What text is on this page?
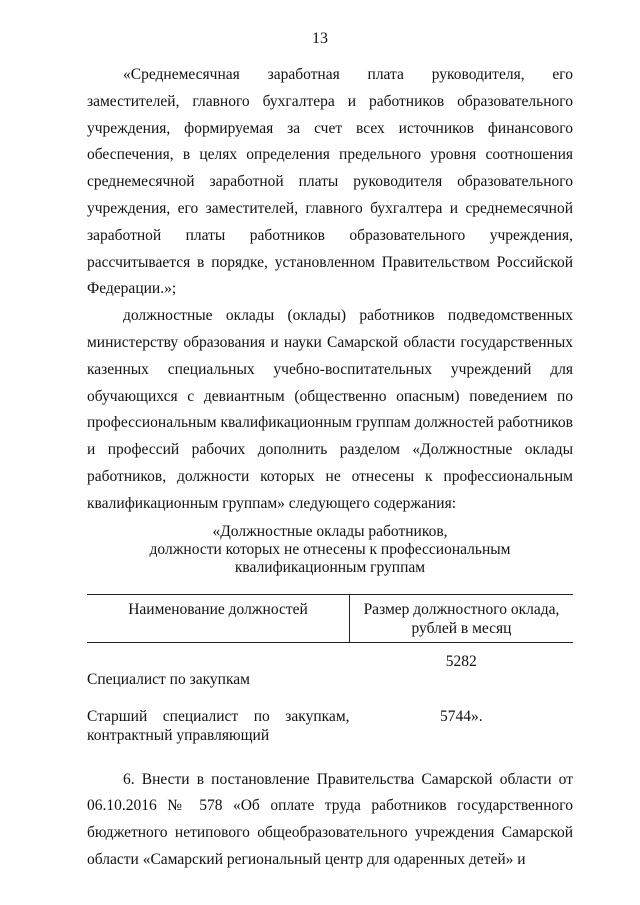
13

«Среднемесячная заработная плата руководителя, его заместителей, главного бухгалтера и работников образовательного учреждения, формируемая за счет всех источников финансового обеспечения, в целях определения предельного уровня соотношения среднемесячной заработной платы руководителя образовательного учреждения, его заместителей, главного бухгалтера и среднемесячной заработной платы работников образовательного учреждения, рассчитывается в порядке, установленном Правительством Российской Федерации.»;

должностные оклады (оклады) работников подведомственных министерству образования и науки Самарской области государственных казенных специальных учебно-воспитательных учреждений для обучающихся с девиантным (общественно опасным) поведением по профессиональным квалификационным группам должностей работников и профессий рабочих дополнить разделом «Должностные оклады работников, должности которых не отнесены к профессиональным квалификационным группам» следующего содержания:

«Должностные оклады работников,
должности которых не отнесены к профессиональным
квалификационным группам
Наименование должностей	Размер должностного оклада, рублей в месяц
Специалист по закупкам	5282
Старший специалист по закупкам, контрактный управляющий	5744».

6. Внести в постановление Правительства Самарской области от 06.10.2016 № 578 «Об оплате труда работников государственного бюджетного нетипового общеобразовательного учреждения Самарской области «Самарский региональный центр для одаренных детей» и
